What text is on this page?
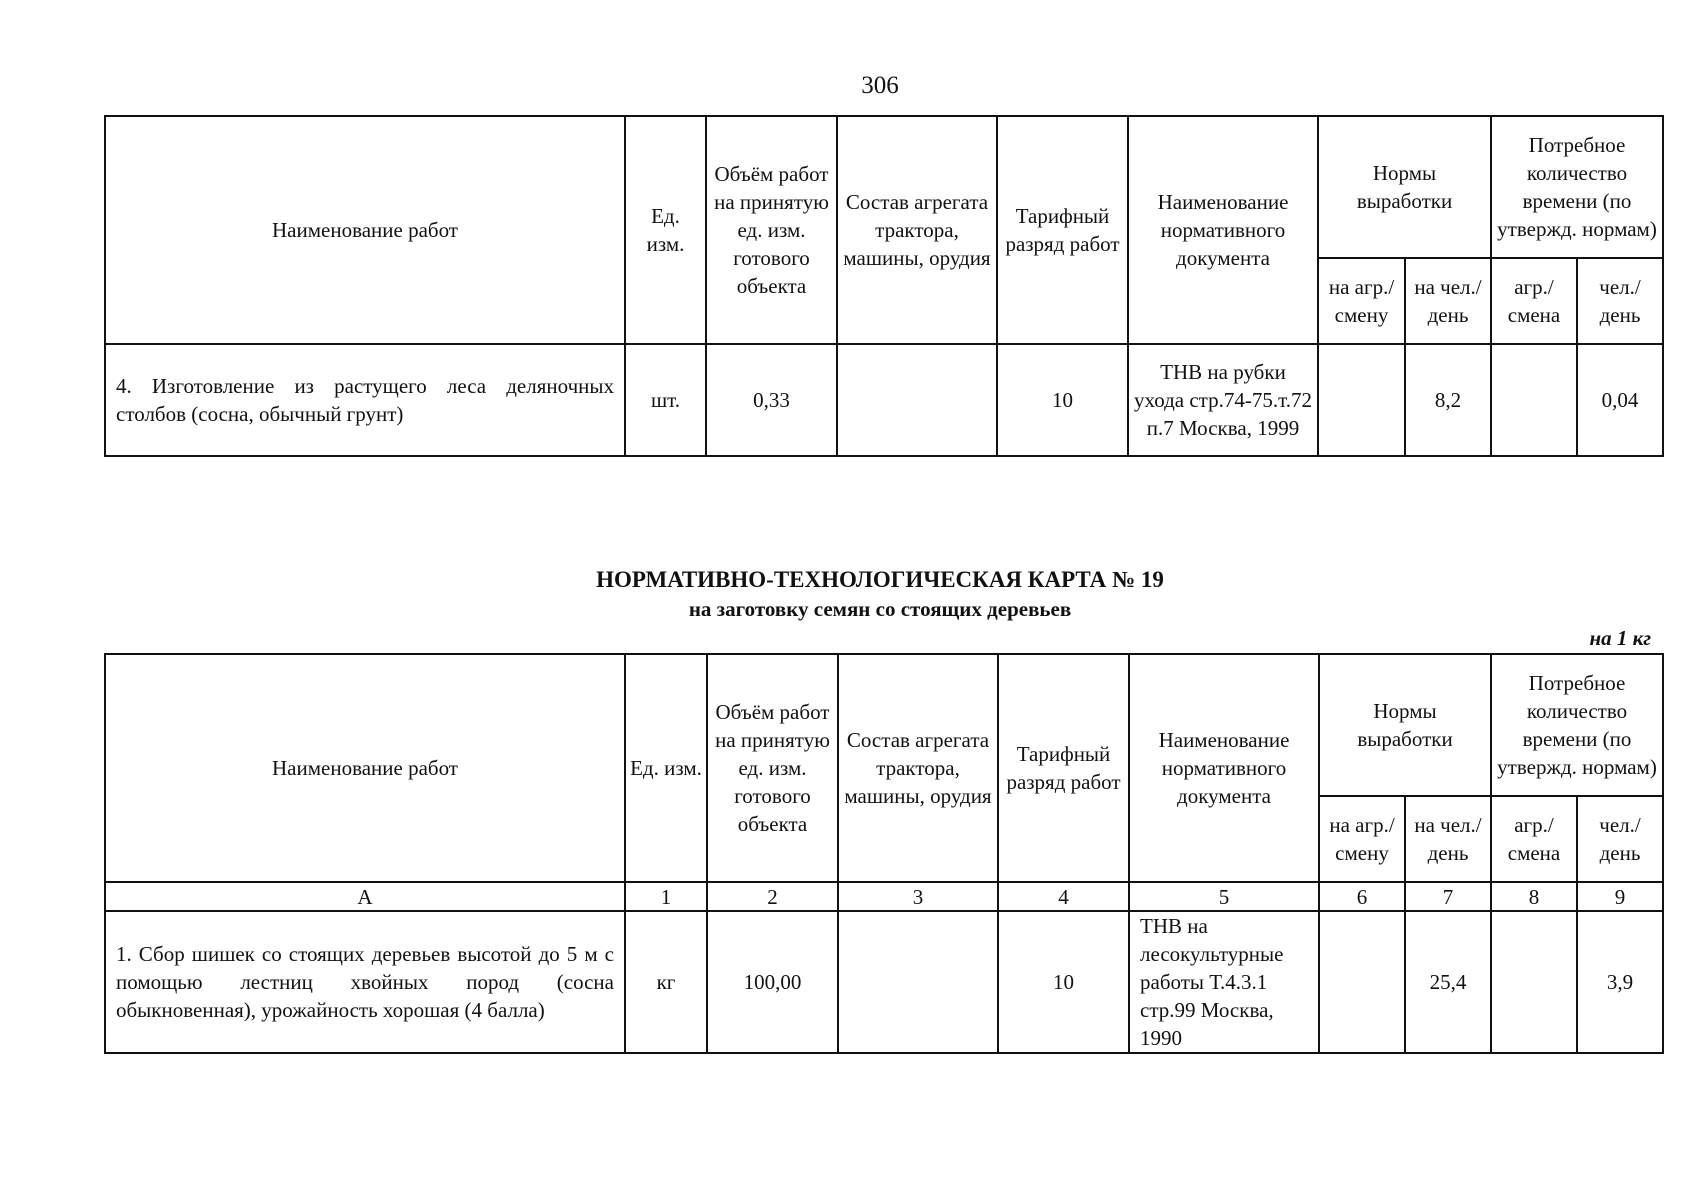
306
Наименование работ	Ед. изм.	Объём работ на принятую ед. изм. готового объекта	Состав агрегата трактора, машины, орудия	Тарифный разряд работ	Наименование нормативного документа	Нормы выработки		Потребное количество времени (по утвержд. нормам)	
						на агр./ смену	на чел./ день	агр./ смена	чел./ день
4. Изготовление из растущего леса деляночных столбов (сосна, обычный грунт)	шт.	0,33		10	ТНВ на рубки ухода стр.74-75.т.72 п.7 Москва, 1999		8,2		0,04
НОРМАТИВНО-ТЕХНОЛОГИЧЕСКАЯ КАРТА № 19
на заготовку семян со стоящих деревьев
на 1 кг
Наименование работ	Ед. изм.	Объём работ на принятую ед. изм. готового объекта	Состав агрегата трактора, машины, орудия	Тарифный разряд работ	Наименование нормативного документа	Нормы выработки		Потребное количество времени (по утвержд. нормам)	
						на агр./ смену	на чел./ день	агр./ смена	чел./ день
А	1	2	3	4	5	6	7	8	9
1. Сбор шишек со стоящих деревьев высотой до 5 м с помощью лестниц хвойных пород (сосна обыкновенная), урожайность хорошая (4 балла)	кг	100,00		10	ТНВ на лесокультурные работы Т.4.3.1 стр.99 Москва, 1990		25,4		3,9
